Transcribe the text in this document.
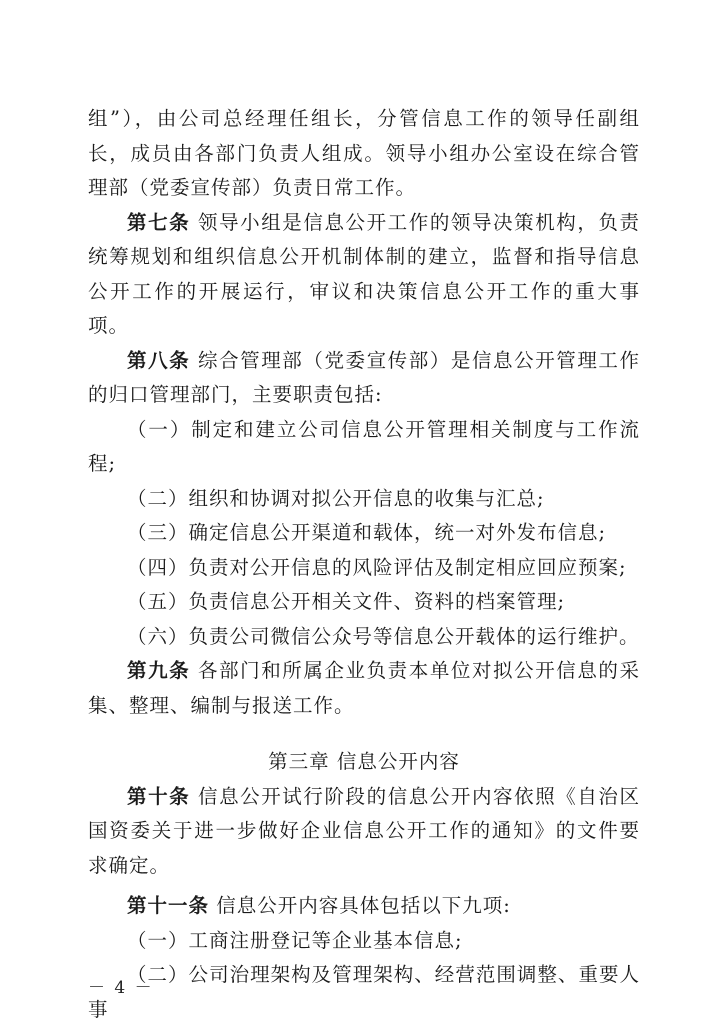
组”），由公司总经理任组长，分管信息工作的领导任副组长，成员由各部门负责人组成。领导小组办公室设在综合管理部（党委宣传部）负责日常工作。

第七条 领导小组是信息公开工作的领导决策机构，负责统筹规划和组织信息公开机制体制的建立，监督和指导信息公开工作的开展运行，审议和决策信息公开工作的重大事项。

第八条 综合管理部（党委宣传部）是信息公开管理工作的归口管理部门，主要职责包括:

（一）制定和建立公司信息公开管理相关制度与工作流程;

（二）组织和协调对拟公开信息的收集与汇总;

（三）确定信息公开渠道和载体，统一对外发布信息;

（四）负责对公开信息的风险评估及制定相应回应预案;

（五）负责信息公开相关文件、资料的档案管理;

（六）负责公司微信公众号等信息公开载体的运行维护。

第九条 各部门和所属企业负责本单位对拟公开信息的采集、整理、编制与报送工作。

第三章 信息公开内容

第十条 信息公开试行阶段的信息公开内容依照《自治区国资委关于进一步做好企业信息公开工作的通知》的文件要求确定。

第十一条 信息公开内容具体包括以下九项:

（一）工商注册登记等企业基本信息;

（二）公司治理架构及管理架构、经营范围调整、重要人事

－ 4 －
